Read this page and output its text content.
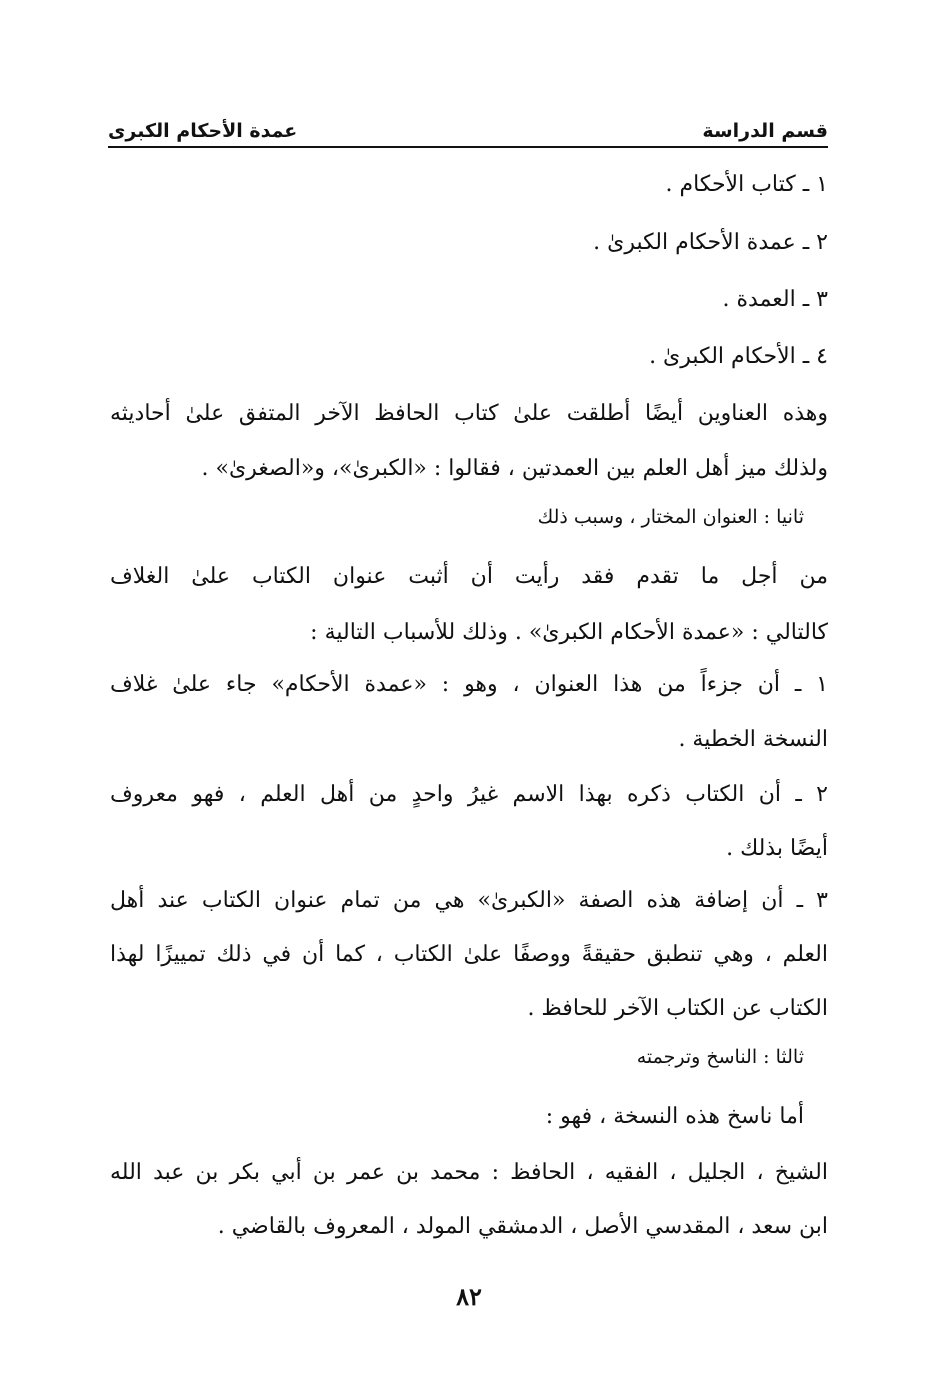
قسم الدراسة
عمدة الأحكام الكبرى
١ ـ كتاب الأحكام .
٢ ـ عمدة الأحكام الكبرىٰ .
٣ ـ العمدة .
٤ ـ الأحكام الكبرىٰ .
وهذه العناوين أيضًا أطلقت علىٰ كتاب الحافظ الآخر المتفق علىٰ أحاديثه
ولذلك ميز أهل العلم بين العمدتين ، فقالوا : «الكبرىٰ»، و«الصغرىٰ» .
ثانيا : العنوان المختار ، وسبب ذلك
من أجل ما تقدم فقد رأيت أن أثبت عنوان الكتاب علىٰ الغلاف
كالتالي : «عمدة الأحكام الكبرىٰ» . وذلك للأسباب التالية :
١ ـ أن جزءاً من هذا العنوان ، وهو : «عمدة الأحكام» جاء علىٰ غلاف
النسخة الخطية .
٢ ـ أن الكتاب ذكره بهذا الاسم غيرُ واحدٍ من أهل العلم ، فهو معروف
أيضًا بذلك .
٣ ـ أن إضافة هذه الصفة «الكبرىٰ» هي من تمام عنوان الكتاب عند أهل
العلم ، وهي تنطبق حقيقةً ووصفًا علىٰ الكتاب ، كما أن في ذلك تمييزًا لهذا
الكتاب عن الكتاب الآخر للحافظ .
ثالثا : الناسخ وترجمته
أما ناسخ هذه النسخة ، فهو :
الشيخ ، الجليل ، الفقيه ، الحافظ : محمد بن عمر بن أبي بكر بن عبد الله
ابن سعد ، المقدسي الأصل ، الدمشقي المولد ، المعروف بالقاضي .
٨٢
